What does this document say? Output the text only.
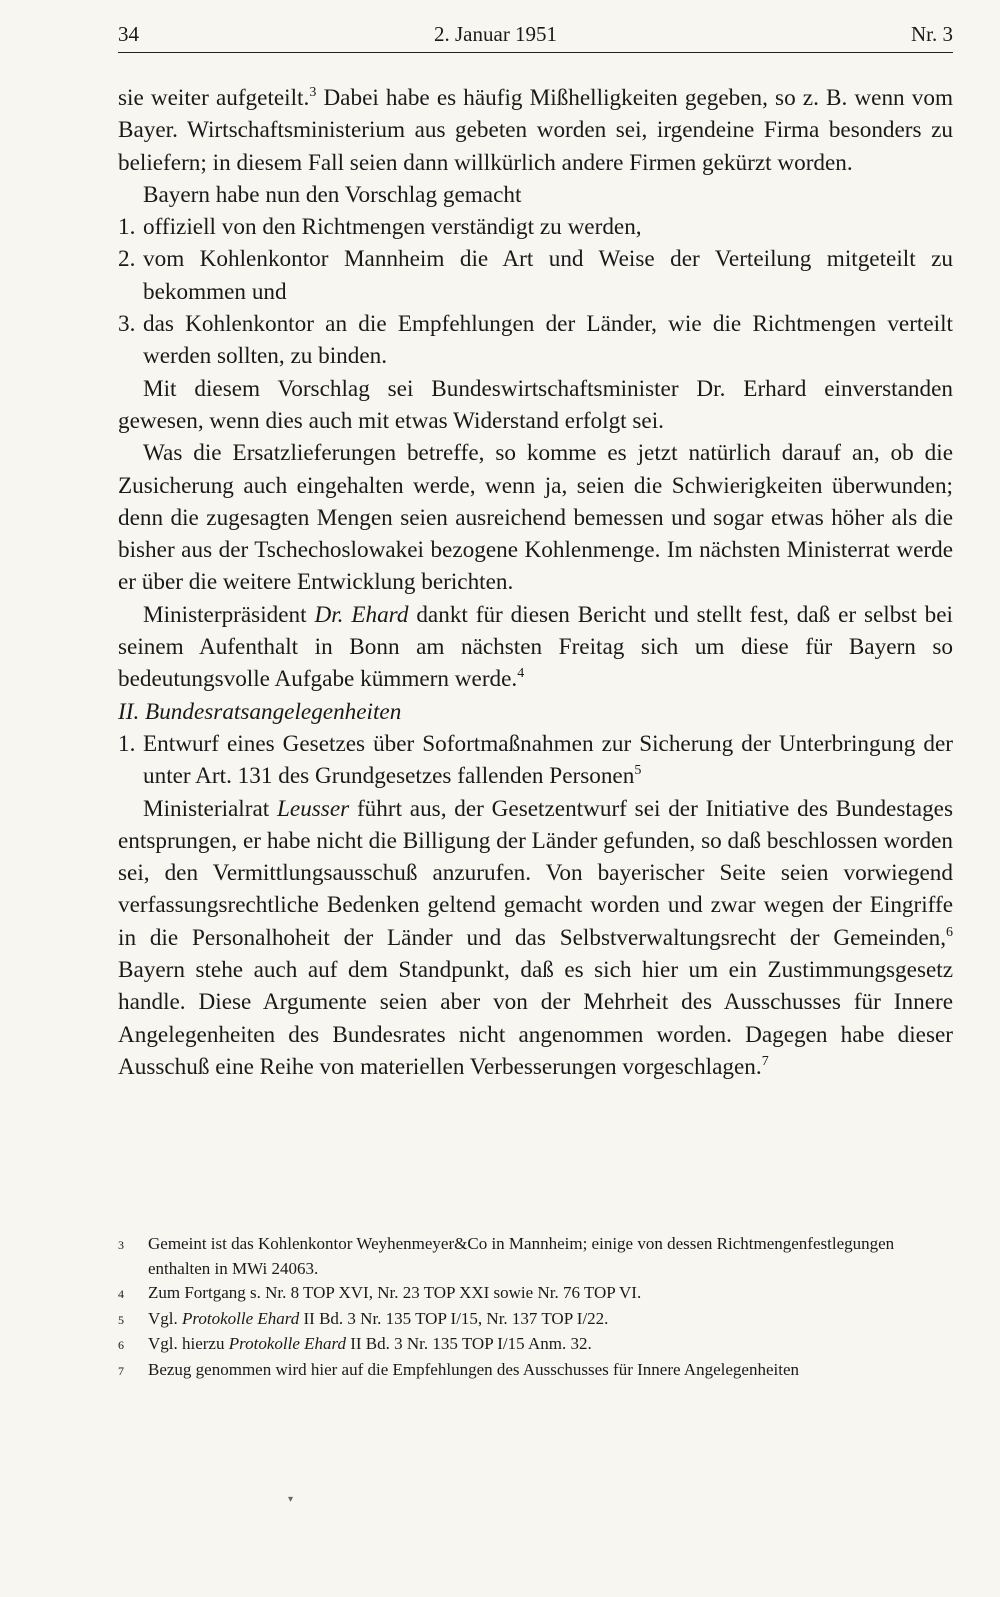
34	2. Januar 1951	Nr. 3

sie weiter aufgeteilt.$^3$ Dabei habe es häufig Mißhelligkeiten gegeben, so z. B. wenn vom Bayer. Wirtschaftsministerium aus gebeten worden sei, irgendeine Firma besonders zu beliefern; in diesem Fall seien dann willkürlich andere Firmen gekürzt worden.

Bayern habe nun den Vorschlag gemacht

1. offiziell von den Richtmengen verständigt zu werden,
2. vom Kohlenkontor Mannheim die Art und Weise der Verteilung mitgeteilt zu bekommen und
3. das Kohlenkontor an die Empfehlungen der Länder, wie die Richtmengen verteilt werden sollten, zu binden.

Mit diesem Vorschlag sei Bundeswirtschaftsminister Dr. Erhard einverstanden gewesen, wenn dies auch mit etwas Widerstand erfolgt sei.

Was die Ersatzlieferungen betreffe, so komme es jetzt natürlich darauf an, ob die Zusicherung auch eingehalten werde, wenn ja, seien die Schwierigkeiten überwunden; denn die zugesagten Mengen seien ausreichend bemessen und sogar etwas höher als die bisher aus der Tschechoslowakei bezogene Kohlenmenge. Im nächsten Ministerrat werde er über die weitere Entwicklung berichten.

Ministerpräsident Dr. Ehard dankt für diesen Bericht und stellt fest, daß er selbst bei seinem Aufenthalt in Bonn am nächsten Freitag sich um diese für Bayern so bedeutungsvolle Aufgabe kümmern werde.$^4$

II. Bundesratsangelegenheiten

1. Entwurf eines Gesetzes über Sofortmaßnahmen zur Sicherung der Unterbringung der unter Art. 131 des Grundgesetzes fallenden Personen$^5$

Ministerialrat Leusser führt aus, der Gesetzentwurf sei der Initiative des Bundestages entsprungen, er habe nicht die Billigung der Länder gefunden, so daß beschlossen worden sei, den Vermittlungsausschuß anzurufen. Von bayerischer Seite seien vorwiegend verfassungsrechtliche Bedenken geltend gemacht worden und zwar wegen der Eingriffe in die Personalhoheit der Länder und das Selbstverwaltungsrecht der Gemeinden,$^6$ Bayern stehe auch auf dem Standpunkt, daß es sich hier um ein Zustimmungsgesetz handle. Diese Argumente seien aber von der Mehrheit des Ausschusses für Innere Angelegenheiten des Bundesrates nicht angenommen worden. Dagegen habe dieser Ausschuß eine Reihe von materiellen Verbesserungen vorgeschlagen.$^7$

3	Gemeint ist das Kohlenkontor Weyhenmeyer&Co in Mannheim; einige von dessen Richtmengenfestlegungen enthalten in MWi 24063.
4	Zum Fortgang s. Nr. 8 TOP XVI, Nr. 23 TOP XXI sowie Nr. 76 TOP VI.
5	Vgl. Protokolle Ehard II Bd. 3 Nr. 135 TOP I/15, Nr. 137 TOP I/22.
6	Vgl. hierzu Protokolle Ehard II Bd. 3 Nr. 135 TOP I/15 Anm. 32.
7	Bezug genommen wird hier auf die Empfehlungen des Ausschusses für Innere Angelegenheiten
▾
